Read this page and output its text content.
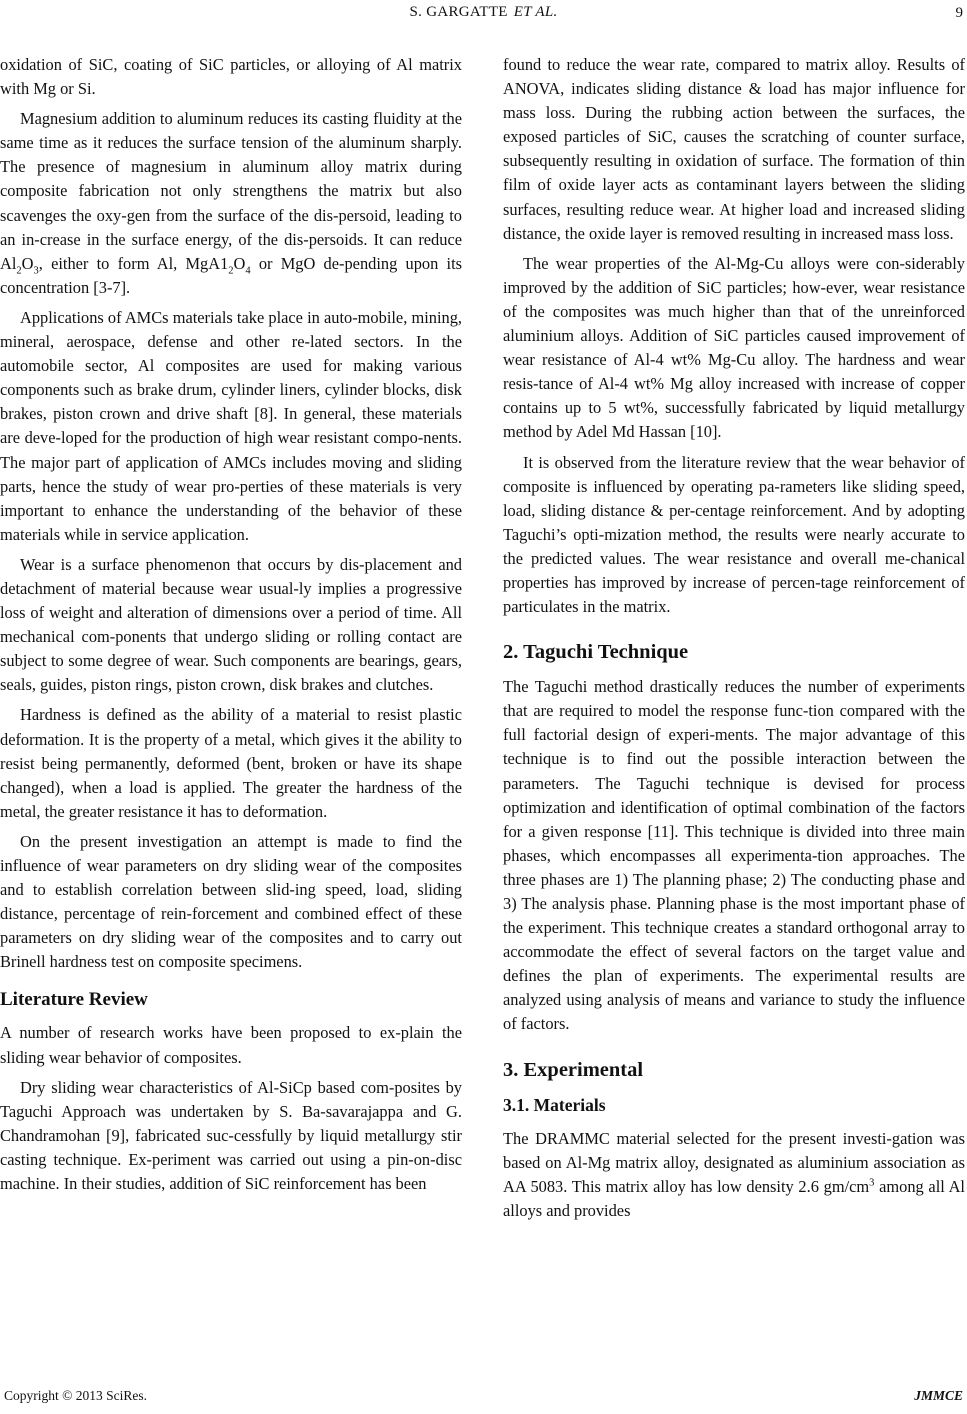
S. GARGATTE ET AL.	9

oxidation of SiC, coating of SiC particles, or alloying of Al matrix with Mg or Si.

Magnesium addition to aluminum reduces its casting fluidity at the same time as it reduces the surface tension of the aluminum sharply. The presence of magnesium in aluminum alloy matrix during composite fabrication not only strengthens the matrix but also scavenges the oxy-gen from the surface of the dis-persoid, leading to an in-crease in the surface energy, of the dis-persoids. It can reduce $Al_2O_3$, either to form Al, $MgA1_2O_4$ or MgO de-pending upon its concentration [3-7].

Applications of AMCs materials take place in auto-mobile, mining, mineral, aerospace, defense and other re-lated sectors. In the automobile sector, Al composites are used for making various components such as brake drum, cylinder liners, cylinder blocks, disk brakes, piston crown and drive shaft [8]. In general, these materials are deve-loped for the production of high wear resistant compo-nents. The major part of application of AMCs includes moving and sliding parts, hence the study of wear pro-perties of these materials is very important to enhance the understanding of the behavior of these materials while in service application.

Wear is a surface phenomenon that occurs by dis-placement and detachment of material because wear usual-ly implies a progressive loss of weight and alteration of dimensions over a period of time. All mechanical com-ponents that undergo sliding or rolling contact are subject to some degree of wear. Such components are bearings, gears, seals, guides, piston rings, piston crown, disk brakes and clutches.

Hardness is defined as the ability of a material to resist plastic deformation. It is the property of a metal, which gives it the ability to resist being permanently, deformed (bent, broken or have its shape changed), when a load is applied. The greater the hardness of the metal, the greater resistance it has to deformation.

On the present investigation an attempt is made to find the influence of wear parameters on dry sliding wear of the composites and to establish correlation between slid-ing speed, load, sliding distance, percentage of rein-forcement and combined effect of these parameters on dry sliding wear of the composites and to carry out Brinell hardness test on composite specimens.

Literature Review

A number of research works have been proposed to ex-plain the sliding wear behavior of composites.

Dry sliding wear characteristics of Al-SiCp based com-posites by Taguchi Approach was undertaken by S. Ba-savarajappa and G. Chandramohan [9], fabricated suc-cessfully by liquid metallurgy stir casting technique. Ex-periment was carried out using a pin-on-disc machine. In their studies, addition of SiC reinforcement has been

found to reduce the wear rate, compared to matrix alloy. Results of ANOVA, indicates sliding distance & load has major influence for mass loss. During the rubbing action between the surfaces, the exposed particles of SiC, causes the scratching of counter surface, subsequently resulting in oxidation of surface. The formation of thin film of oxide layer acts as contaminant layers between the sliding surfaces, resulting reduce wear. At higher load and increased sliding distance, the oxide layer is removed resulting in increased mass loss.

The wear properties of the Al-Mg-Cu alloys were con-siderably improved by the addition of SiC particles; how-ever, wear resistance of the composites was much higher than that of the unreinforced aluminium alloys. Addition of SiC particles caused improvement of wear resistance of Al-4 wt% Mg-Cu alloy. The hardness and wear resis-tance of Al-4 wt% Mg alloy increased with increase of copper contains up to 5 wt%, successfully fabricated by liquid metallurgy method by Adel Md Hassan [10].

It is observed from the literature review that the wear behavior of composite is influenced by operating pa-rameters like sliding speed, load, sliding distance & per-centage reinforcement. And by adopting Taguchi’s opti-mization method, the results were nearly accurate to the predicted values. The wear resistance and overall me-chanical properties has improved by increase of percen-tage reinforcement of particulates in the matrix.

2. Taguchi Technique

The Taguchi method drastically reduces the number of experiments that are required to model the response func-tion compared with the full factorial design of experi-ments. The major advantage of this technique is to find out the possible interaction between the parameters. The Taguchi technique is devised for process optimization and identification of optimal combination of the factors for a given response [11]. This technique is divided into three main phases, which encompasses all experimenta-tion approaches. The three phases are 1) The planning phase; 2) The conducting phase and 3) The analysis phase. Planning phase is the most important phase of the experiment. This technique creates a standard orthogonal array to accommodate the effect of several factors on the target value and defines the plan of experiments. The experimental results are analyzed using analysis of means and variance to study the influence of factors.

3. Experimental
3.1. Materials

The DRAMMC material selected for the present investi-gation was based on Al-Mg matrix alloy, designated as aluminium association as AA 5083. This matrix alloy has low density 2.6 $gm/cm^3$ among all Al alloys and provides

Copyright © 2013 SciRes.	JMMCE
